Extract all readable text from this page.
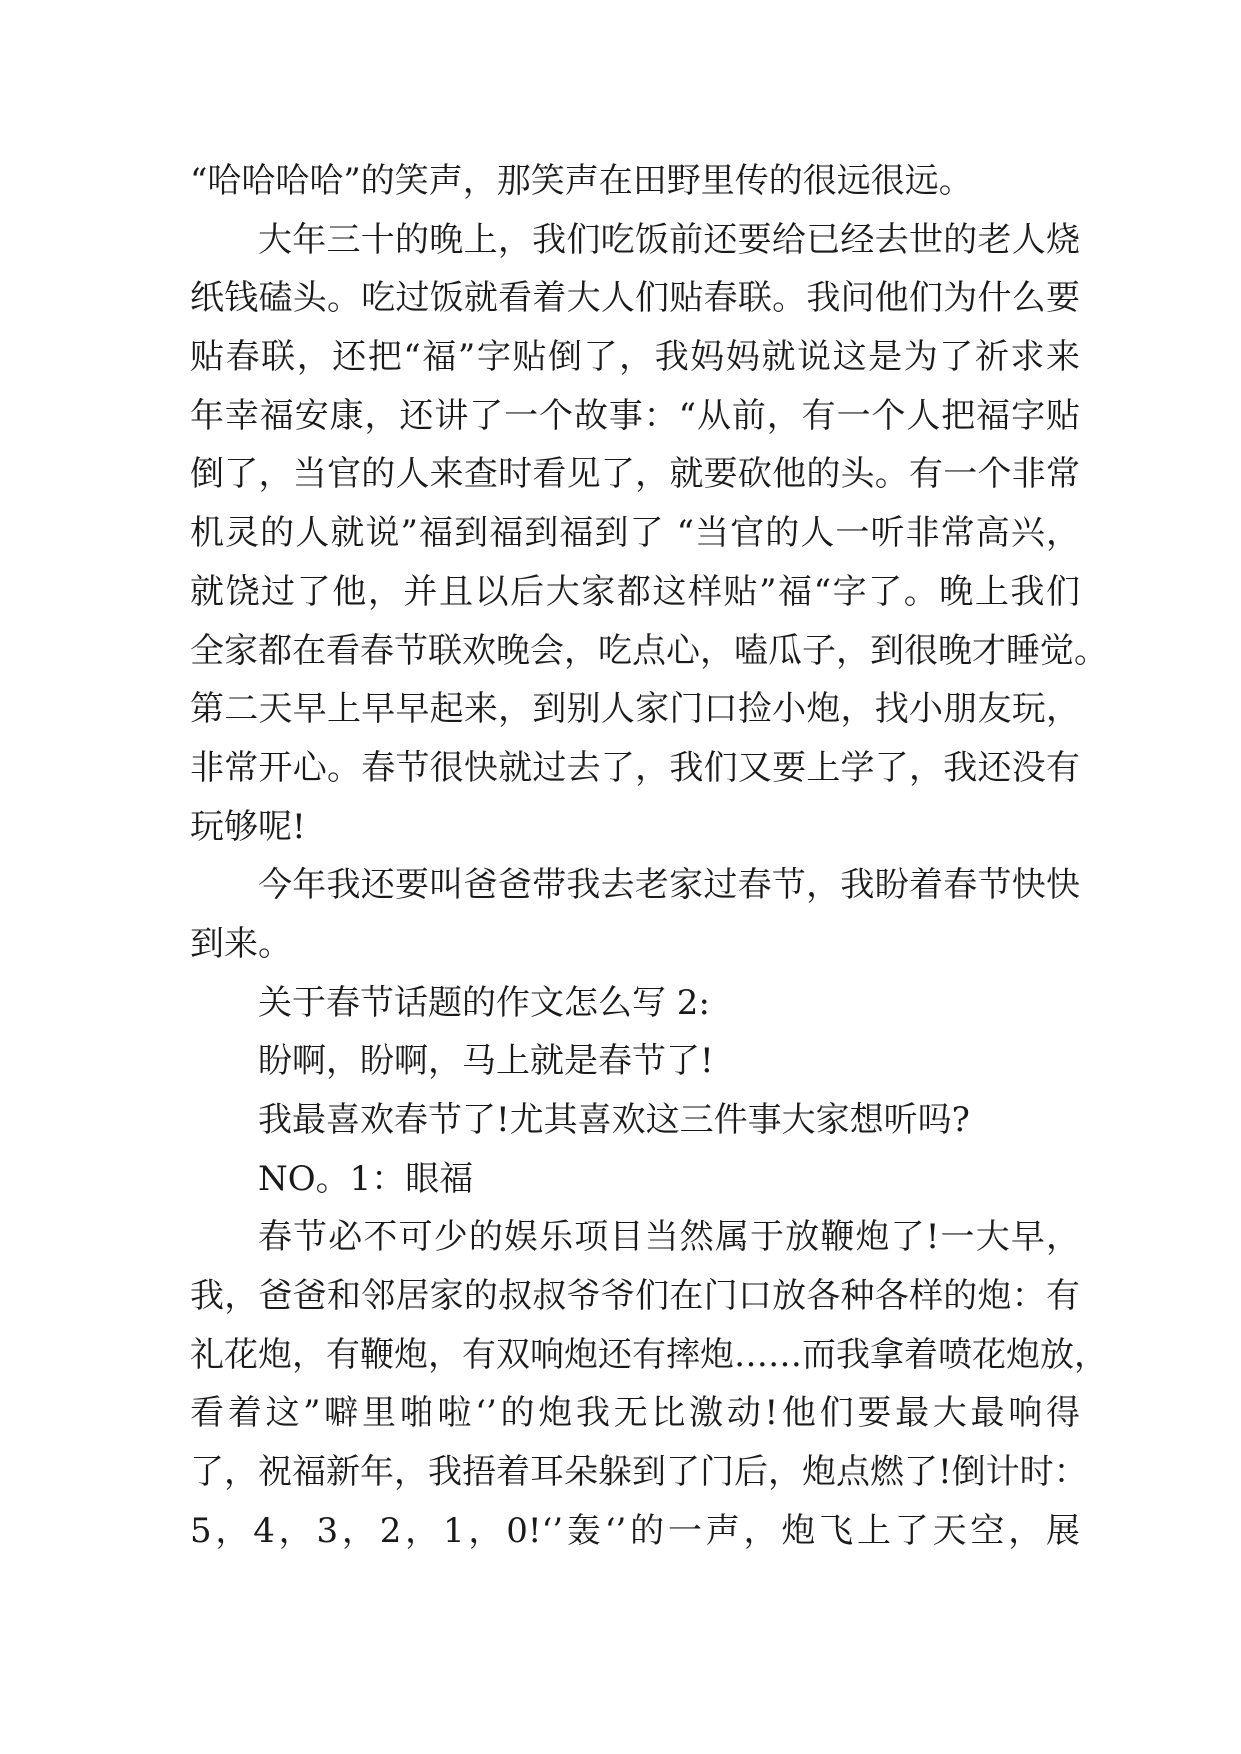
“哈哈哈哈”的笑声，那笑声在田野里传的很远很远。
大年三十的晚上，我们吃饭前还要给已经去世的老人烧
纸钱磕头。吃过饭就看着大人们贴春联。我问他们为什么要
贴春联，还把“福”字贴倒了，我妈妈就说这是为了祈求来
年幸福安康，还讲了一个故事：“从前，有一个人把福字贴
倒了，当官的人来查时看见了，就要砍他的头。有一个非常
机灵的人就说”福到福到福到了 “当官的人一听非常高兴，
就饶过了他，并且以后大家都这样贴”福“字了。晚上我们
全家都在看春节联欢晚会，吃点心，嗑瓜子，到很晚才睡觉。
第二天早上早早起来，到别人家门口捡小炮，找小朋友玩，
非常开心。春节很快就过去了，我们又要上学了，我还没有
玩够呢!
今年我还要叫爸爸带我去老家过春节，我盼着春节快快
到来。
关于春节话题的作文怎么写 2:
盼啊，盼啊，马上就是春节了!
我最喜欢春节了!尤其喜欢这三件事大家想听吗?
NO。1：眼福
春节必不可少的娱乐项目当然属于放鞭炮了!一大早，
我，爸爸和邻居家的叔叔爷爷们在门口放各种各样的炮：有
礼花炮，有鞭炮，有双响炮还有摔炮……而我拿着喷花炮放，
看着这”噼里啪啦‘’的炮我无比激动!他们要最大最响得
了，祝福新年，我捂着耳朵躲到了门后，炮点燃了!倒计时：
5，4，3，2，1，0!‘’轰‘’的一声，炮飞上了天空，展
